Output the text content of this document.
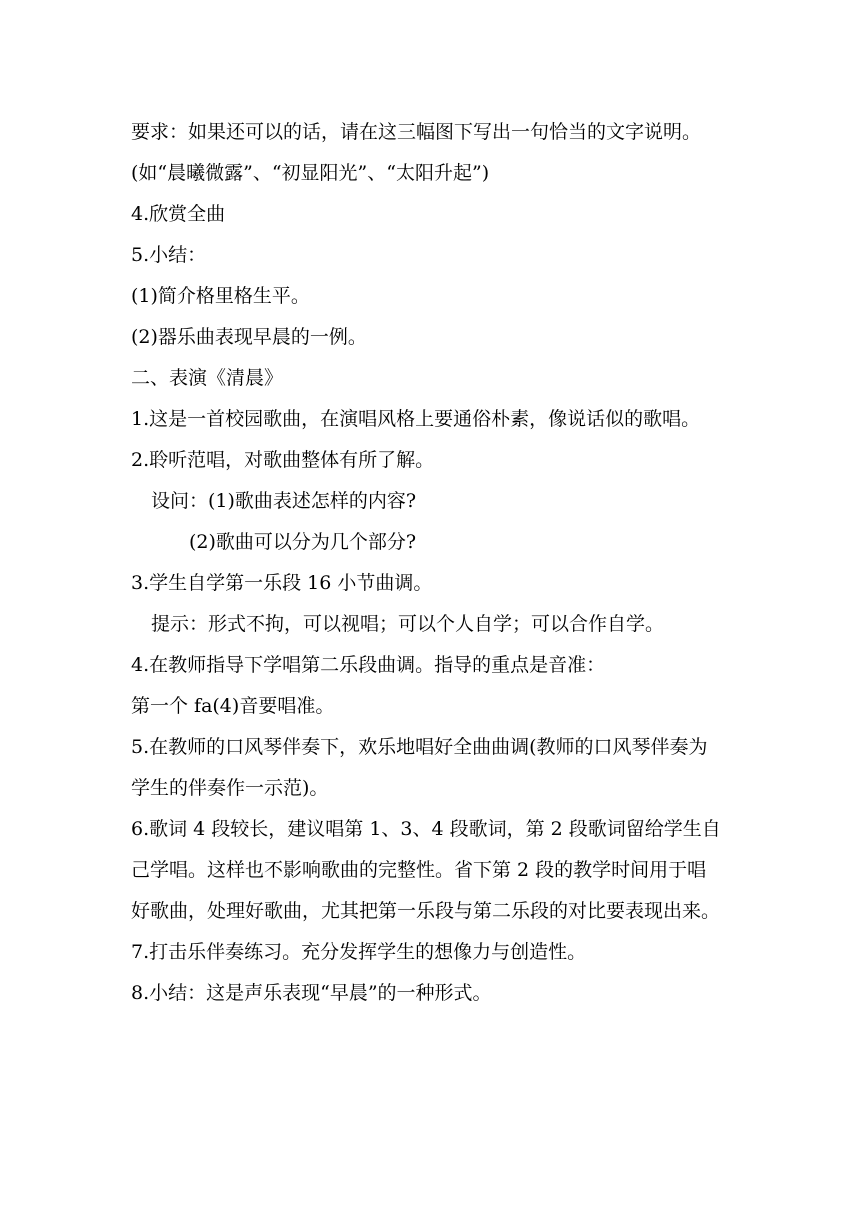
要求：如果还可以的话，请在这三幅图下写出一句恰当的文字说明。
(如“晨曦微露”、“初显阳光”、“太阳升起”)
4.欣赏全曲
5.小结：
(1)简介格里格生平。
(2)器乐曲表现早晨的一例。
二、表演《清晨》
1.这是一首校园歌曲，在演唱风格上要通俗朴素，像说话似的歌唱。
2.聆听范唱，对歌曲整体有所了解。
设问：(1)歌曲表述怎样的内容?
(2)歌曲可以分为几个部分?
3.学生自学第一乐段 16 小节曲调。
提示：形式不拘，可以视唱；可以个人自学；可以合作自学。
4.在教师指导下学唱第二乐段曲调。指导的重点是音准：
第一个 fa(4)音要唱准。
5.在教师的口风琴伴奏下，欢乐地唱好全曲曲调(教师的口风琴伴奏为
学生的伴奏作一示范)。
6.歌词 4 段较长，建议唱第 1、3、4 段歌词，第 2 段歌词留给学生自
己学唱。这样也不影响歌曲的完整性。省下第 2 段的教学时间用于唱
好歌曲，处理好歌曲，尤其把第一乐段与第二乐段的对比要表现出来。
7.打击乐伴奏练习。充分发挥学生的想像力与创造性。
8.小结：这是声乐表现“早晨”的一种形式。
